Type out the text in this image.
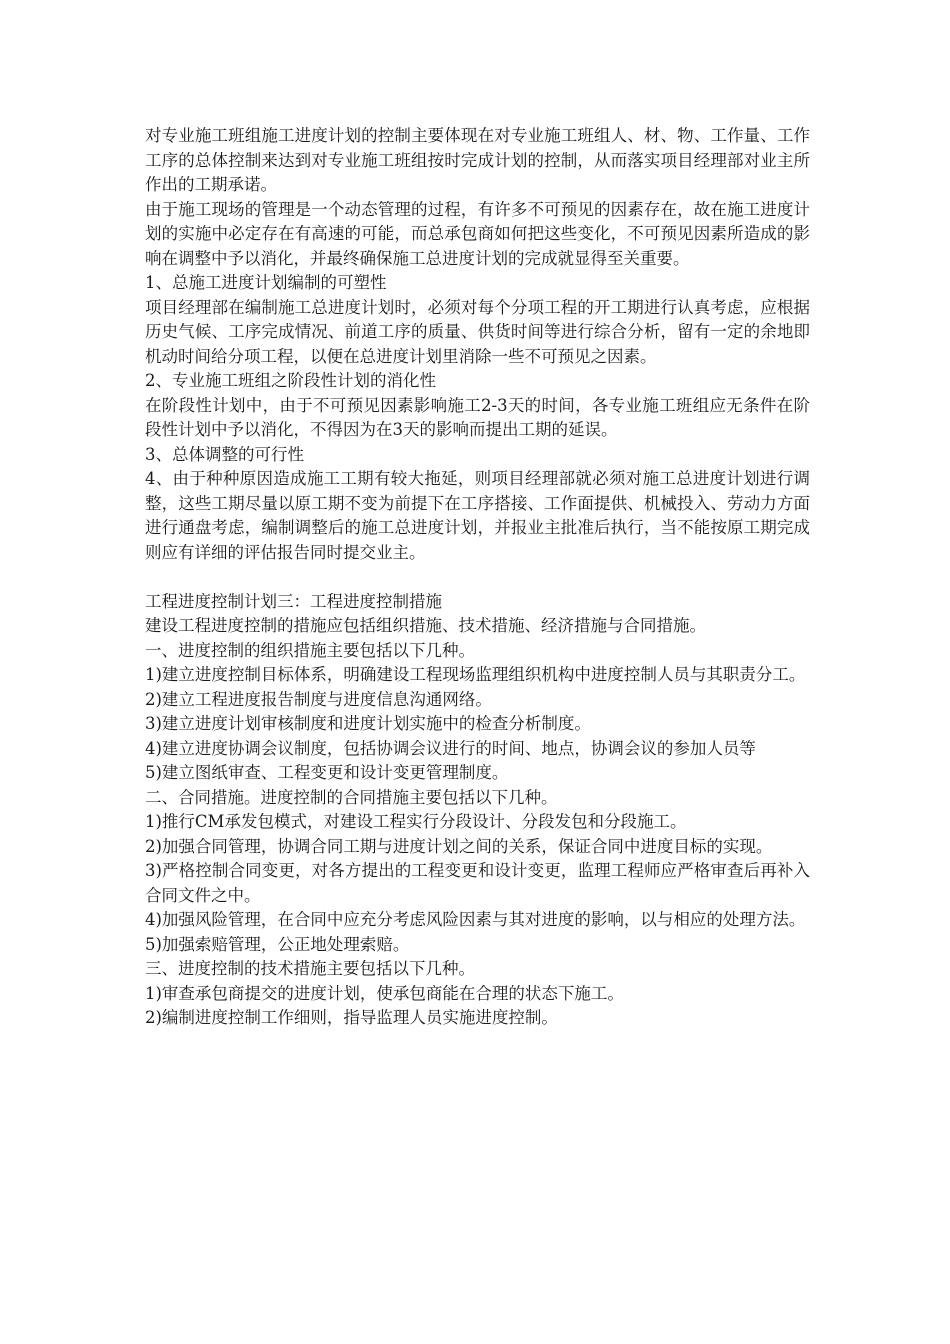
对专业施工班组施工进度计划的控制主要体现在对专业施工班组人、材、物、工作量、工作工序的总体控制来达到对专业施工班组按时完成计划的控制，从而落实项目经理部对业主所作出的工期承诺。

由于施工现场的管理是一个动态管理的过程，有许多不可预见的因素存在，故在施工进度计划的实施中必定存在有高速的可能，而总承包商如何把这些变化，不可预见因素所造成的影响在调整中予以消化，并最终确保施工总进度计划的完成就显得至关重要。

1、总施工进度计划编制的可塑性

项目经理部在编制施工总进度计划时，必须对每个分项工程的开工期进行认真考虑，应根据历史气候、工序完成情况、前道工序的质量、供货时间等进行综合分析，留有一定的余地即机动时间给分项工程，以便在总进度计划里消除一些不可预见之因素。

2、专业施工班组之阶段性计划的消化性

在阶段性计划中，由于不可预见因素影响施工2-3天的时间，各专业施工班组应无条件在阶段性计划中予以消化，不得因为在3天的影响而提出工期的延误。

3、总体调整的可行性

4、由于种种原因造成施工工期有较大拖延，则项目经理部就必须对施工总进度计划进行调整，这些工期尽量以原工期不变为前提下在工序搭接、工作面提供、机械投入、劳动力方面进行通盘考虑，编制调整后的施工总进度计划，并报业主批准后执行，当不能按原工期完成则应有详细的评估报告同时提交业主。

工程进度控制计划三：工程进度控制措施

建设工程进度控制的措施应包括组织措施、技术措施、经济措施与合同措施。

一、进度控制的组织措施主要包括以下几种。

1)建立进度控制目标体系，明确建设工程现场监理组织机构中进度控制人员与其职责分工。

2)建立工程进度报告制度与进度信息沟通网络。

3)建立进度计划审核制度和进度计划实施中的检查分析制度。

4)建立进度协调会议制度，包括协调会议进行的时间、地点，协调会议的参加人员等

5)建立图纸审查、工程变更和设计变更管理制度。

二、合同措施。进度控制的合同措施主要包括以下几种。

1)推行CM承发包模式，对建设工程实行分段设计、分段发包和分段施工。

2)加强合同管理，协调合同工期与进度计划之间的关系，保证合同中进度目标的实现。

3)严格控制合同变更，对各方提出的工程变更和设计变更，监理工程师应严格审查后再补入合同文件之中。

4)加强风险管理，在合同中应充分考虑风险因素与其对进度的影响，以与相应的处理方法。

5)加强索赔管理，公正地处理索赔。

三、进度控制的技术措施主要包括以下几种。

1)审查承包商提交的进度计划，使承包商能在合理的状态下施工。

2)编制进度控制工作细则，指导监理人员实施进度控制。
